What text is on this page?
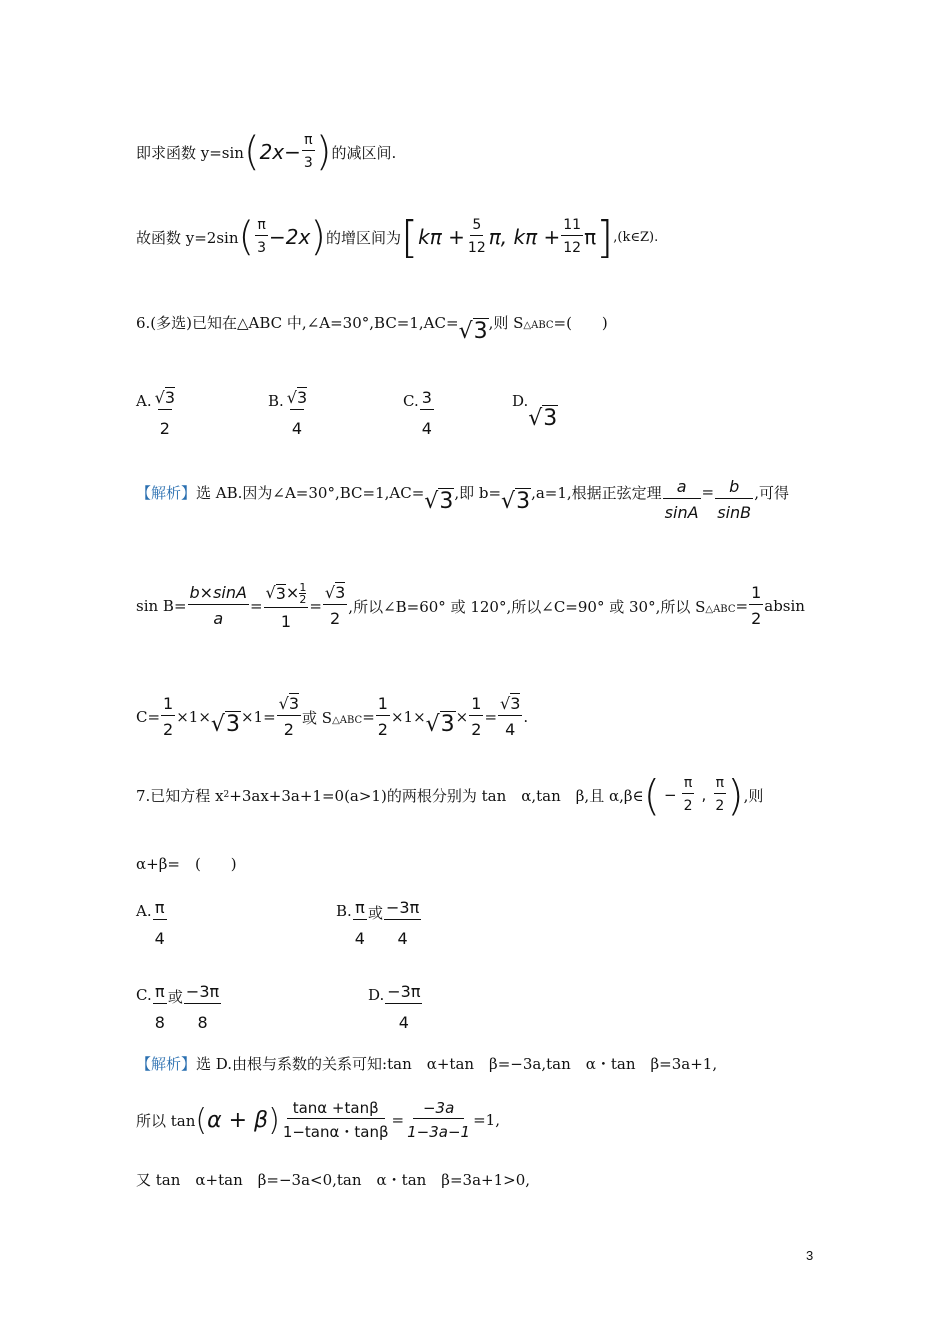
即求函数 y=sin ( $2x- \frac{\pi}{3}$ ) 的减区间.
故函数 y=2sin ( $\frac{\pi}{3} -2x$ ) 的增区间为 [ $k\pi + \frac{5}{12} \pi$, $k\pi + \frac{11}{12}$ π ] ,(k∈Z).
6.(多选)已知在△ABC 中,∠A=30°,BC=1,AC= √3 ,则 S △ABC =(　　)
A. $\frac{√3}{2}$	B. $\frac{√3}{4}$	C. $\frac{3}{4}$	D.
√3
【解析】 选 AB.因为∠A=30°,BC=1,AC= √3 ,即 b= √3 ,a=1,根据正弦定理 $\frac{a}{\sin A} = \frac{b}{\sin B}$ ,可得
$\sin B= \frac{b\times\sin A}{a} = \frac{√ 3 \times \frac{1}{2}}{1} = \frac{√3}{2}$ ,所以∠B=60° 或 120°,所以∠C=90° 或 30°,所以 S △ABC = $\frac{1}{2}$ absin
$C= \frac{1}{2} \times 1\times √3 \times 1= \frac{√3}{2}$ 或 S △ABC = $\frac{1}{2} \times 1\times √3 \times \frac{1}{2} = \frac{√3}{4}$ .
7.已知方程 x 2 +3ax+3a+1=0(a>1)的两根分别为 tan　α,tan　β,且 α,β∈ ( − $\frac{\pi}{2}$ , $\frac{\pi}{2}$ ) ,则
α+β=　(　　)
A. $\frac{\pi}{4}$	B. $\frac{\pi}{4}$ 或 $\frac{-3\pi}{4}$
C. $\frac{\pi}{8}$ 或 $\frac{-3\pi}{8}$	D. $\frac{-3\pi}{4}$
【解析】 选 D.由根与系数的关系可知:tan　α+tan　β=−3a,tan　α・tan　β=3a+1,
所以 tan ( α + β ) $\frac{\tan\alpha +\tan\beta}{1-\tan\alpha・\tan\beta} = \frac{-3a}{1-3a-1} =1$,
又 tan　α+tan　β=−3a<0,tan　α・tan　β=3a+1>0,
3
